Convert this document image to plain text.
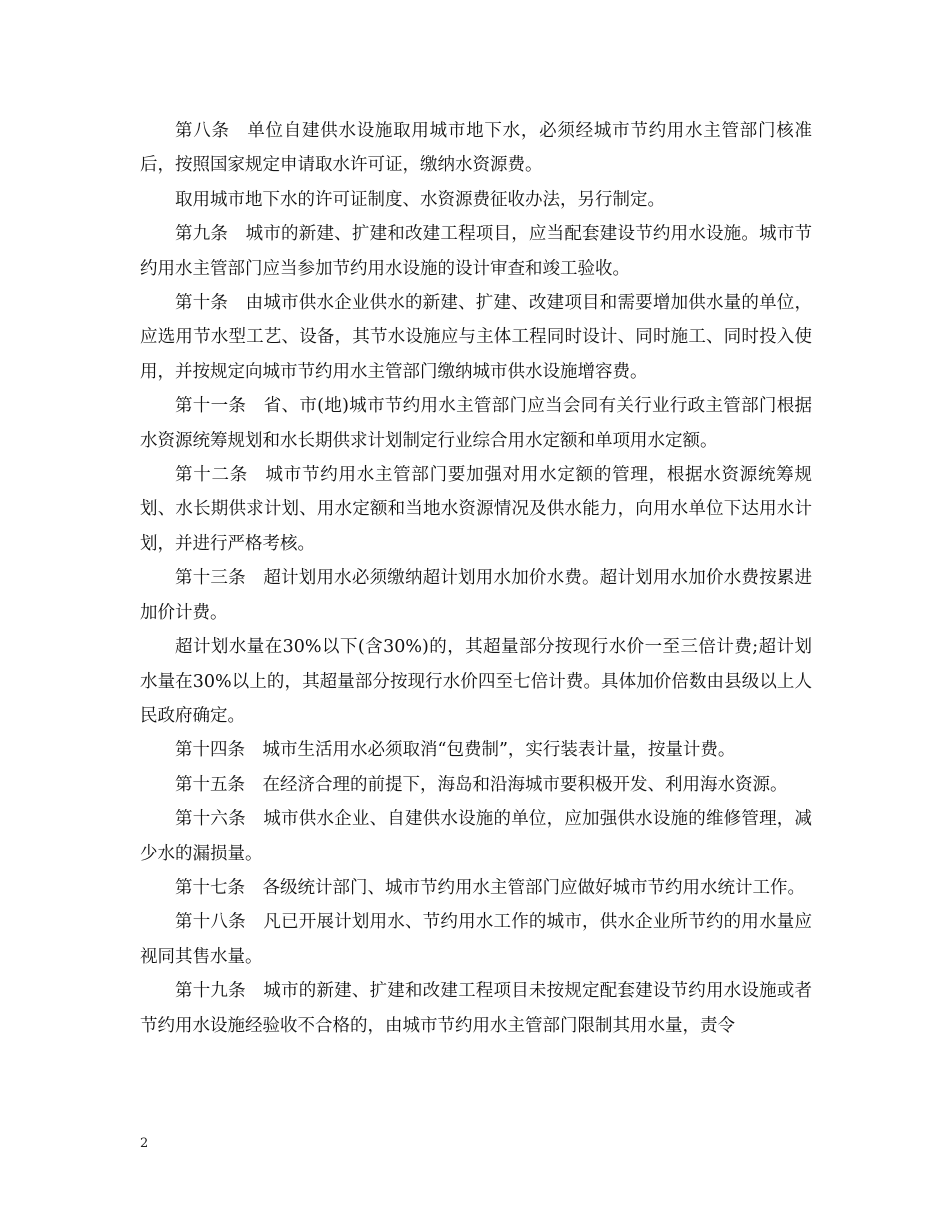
第八条 单位自建供水设施取用城市地下水，必须经城市节约用水主管部门核准后，按照国家规定申请取水许可证，缴纳水资源费。

取用城市地下水的许可证制度、水资源费征收办法，另行制定。

第九条 城市的新建、扩建和改建工程项目，应当配套建设节约用水设施。城市节约用水主管部门应当参加节约用水设施的设计审查和竣工验收。

第十条 由城市供水企业供水的新建、扩建、改建项目和需要增加供水量的单位，应选用节水型工艺、设备，其节水设施应与主体工程同时设计、同时施工、同时投入使用，并按规定向城市节约用水主管部门缴纳城市供水设施增容费。

第十一条 省、市(地)城市节约用水主管部门应当会同有关行业行政主管部门根据水资源统筹规划和水长期供求计划制定行业综合用水定额和单项用水定额。

第十二条 城市节约用水主管部门要加强对用水定额的管理，根据水资源统筹规划、水长期供求计划、用水定额和当地水资源情况及供水能力，向用水单位下达用水计划，并进行严格考核。

第十三条 超计划用水必须缴纳超计划用水加价水费。超计划用水加价水费按累进加价计费。

超计划水量在30%以下(含30%)的，其超量部分按现行水价一至三倍计费;超计划水量在30%以上的，其超量部分按现行水价四至七倍计费。具体加价倍数由县级以上人民政府确定。

第十四条 城市生活用水必须取消“包费制”，实行装表计量，按量计费。

第十五条 在经济合理的前提下，海岛和沿海城市要积极开发、利用海水资源。

第十六条 城市供水企业、自建供水设施的单位，应加强供水设施的维修管理，减少水的漏损量。

第十七条 各级统计部门、城市节约用水主管部门应做好城市节约用水统计工作。

第十八条 凡已开展计划用水、节约用水工作的城市，供水企业所节约的用水量应视同其售水量。

第十九条 城市的新建、扩建和改建工程项目未按规定配套建设节约用水设施或者节约用水设施经验收不合格的，由城市节约用水主管部门限制其用水量，责令

2
